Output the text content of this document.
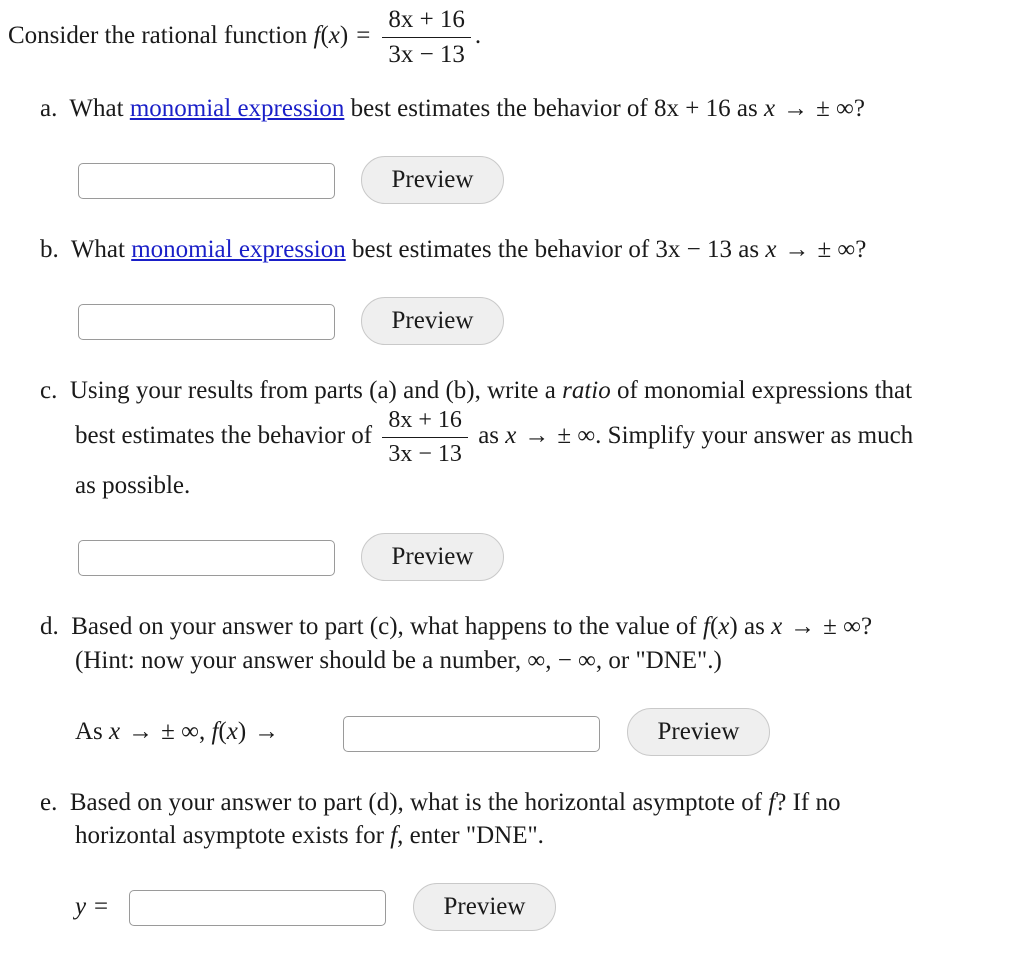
Consider the rational function $f(x) = \frac{8x + 16}{3x - 13}$ .
a. What monomial expression best estimates the behavior of 8x + 16 as x → ± ∞?
Preview
b. What monomial expression best estimates the behavior of 3x − 13 as x → ± ∞?
Preview
c. Using your results from parts (a) and (b), write a ratio of monomial expressions that
best estimates the behavior of $\frac{8x + 16}{3x - 13}$ as x → ± ∞. Simplify your answer as much
as possible.
Preview
d. Based on your answer to part (c), what happens to the value of f(x) as x → ± ∞?
(Hint: now your answer should be a number, ∞, − ∞, or "DNE".)
As x → ± ∞, f(x) →	Preview
e. Based on your answer to part (d), what is the horizontal asymptote of f? If no
horizontal asymptote exists for f, enter "DNE".
y =	Preview
